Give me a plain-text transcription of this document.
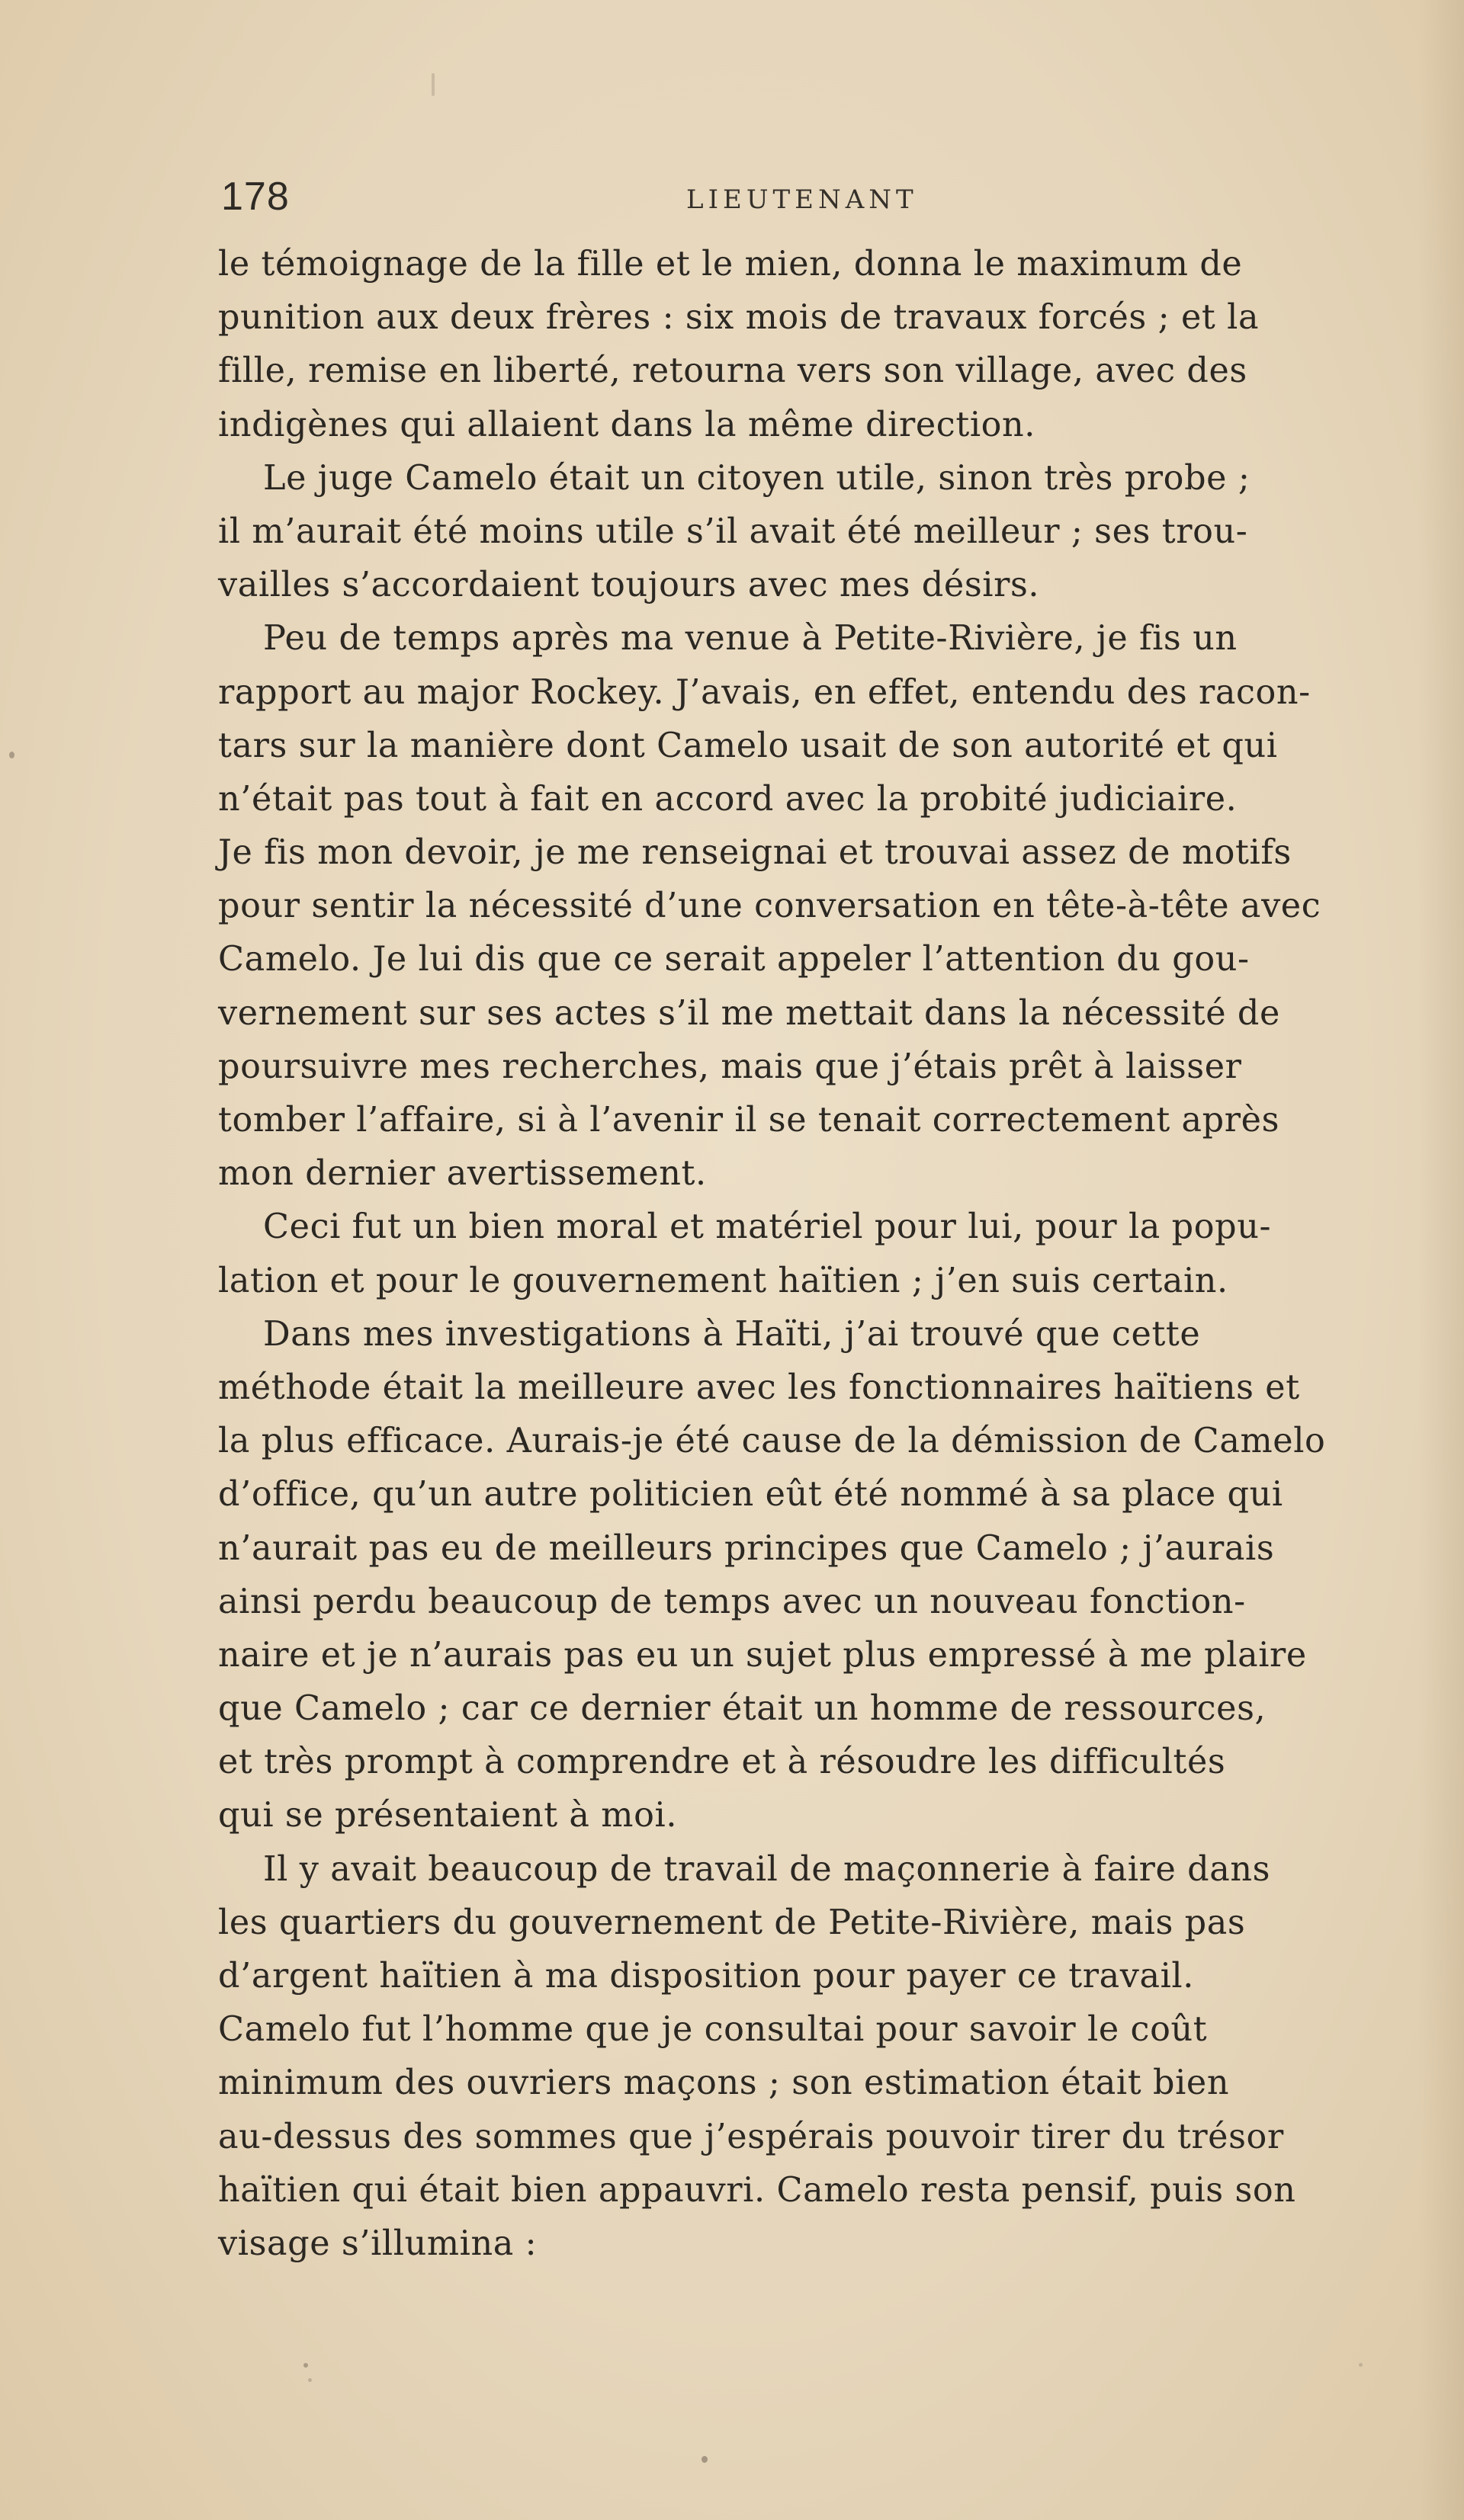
178	LIEUTENANT
le témoignage de la fille et le mien, donna le maximum de
punition aux deux frères : six mois de travaux forcés ; et la
fille, remise en liberté, retourna vers son village, avec des
indigènes qui allaient dans la même direction.
Le juge Camelo était un citoyen utile, sinon très probe ;
il m’aurait été moins utile s’il avait été meilleur ; ses trou-
vailles s’accordaient toujours avec mes désirs.
Peu de temps après ma venue à Petite-Rivière, je fis un
rapport au major Rockey. J’avais, en effet, entendu des racon-
tars sur la manière dont Camelo usait de son autorité et qui
n’était pas tout à fait en accord avec la probité judiciaire.
Je fis mon devoir, je me renseignai et trouvai assez de motifs
pour sentir la nécessité d’une conversation en tête-à-tête avec
Camelo. Je lui dis que ce serait appeler l’attention du gou-
vernement sur ses actes s’il me mettait dans la nécessité de
poursuivre mes recherches, mais que j’étais prêt à laisser
tomber l’affaire, si à l’avenir il se tenait correctement après
mon dernier avertissement.
Ceci fut un bien moral et matériel pour lui, pour la popu-
lation et pour le gouvernement haïtien ; j’en suis certain.
Dans mes investigations à Haïti, j’ai trouvé que cette
méthode était la meilleure avec les fonctionnaires haïtiens et
la plus efficace. Aurais-je été cause de la démission de Camelo
d’office, qu’un autre politicien eût été nommé à sa place qui
n’aurait pas eu de meilleurs principes que Camelo ; j’aurais
ainsi perdu beaucoup de temps avec un nouveau fonction-
naire et je n’aurais pas eu un sujet plus empressé à me plaire
que Camelo ; car ce dernier était un homme de ressources,
et très prompt à comprendre et à résoudre les difficultés
qui se présentaient à moi.
Il y avait beaucoup de travail de maçonnerie à faire dans
les quartiers du gouvernement de Petite-Rivière, mais pas
d’argent haïtien à ma disposition pour payer ce travail.
Camelo fut l’homme que je consultai pour savoir le coût
minimum des ouvriers maçons ; son estimation était bien
au-dessus des sommes que j’espérais pouvoir tirer du trésor
haïtien qui était bien appauvri. Camelo resta pensif, puis son
visage s’illumina :
